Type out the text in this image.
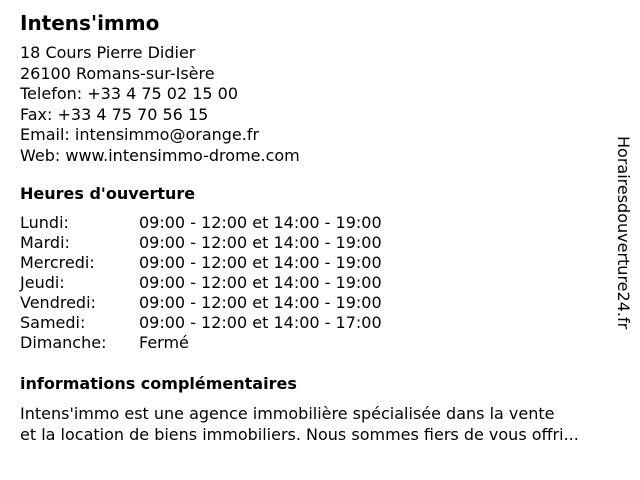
Intens'immo
18 Cours Pierre Didier
26100 Romans-sur-Isère
Telefon: +33 4 75 02 15 00
Fax: +33 4 75 70 56 15
Email: intensimmo@orange.fr
Web: www.intensimmo-drome.com
Heures d'ouverture
Lundi:	09:00 - 12:00 et 14:00 - 19:00
Mardi:	09:00 - 12:00 et 14:00 - 19:00
Mercredi:	09:00 - 12:00 et 14:00 - 19:00
Jeudi:	09:00 - 12:00 et 14:00 - 19:00
Vendredi:	09:00 - 12:00 et 14:00 - 19:00
Samedi:	09:00 - 12:00 et 14:00 - 17:00
Dimanche: Fermé
informations complémentaires
Intens'immo est une agence immobilière spécialisée dans la vente
et la location de biens immobiliers. Nous sommes fiers de vous offri...
Horairesdouverture24.fr
